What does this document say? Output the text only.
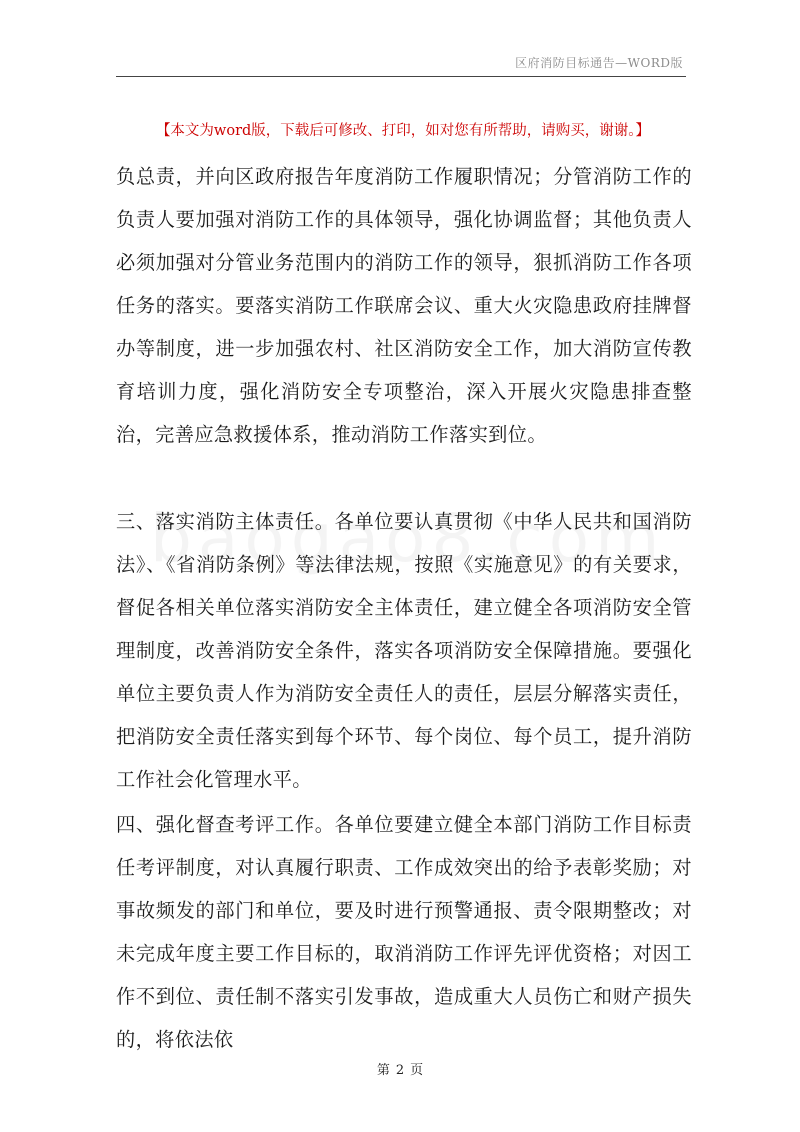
区府消防目标通告—WORD版
【本文为word版，下载后可修改、打印，如对您有所帮助，请购买，谢谢。】

负总责，并向区政府报告年度消防工作履职情况；分管消防工作的负责人要加强对消防工作的具体领导，强化协调监督；其他负责人必须加强对分管业务范围内的消防工作的领导，狠抓消防工作各项任务的落实。要落实消防工作联席会议、重大火灾隐患政府挂牌督办等制度，进一步加强农村、社区消防安全工作，加大消防宣传教育培训力度，强化消防安全专项整治，深入开展火灾隐患排查整治，完善应急救援体系，推动消防工作落实到位。

三、落实消防主体责任。各单位要认真贯彻《中华人民共和国消防法》、《省消防条例》等法律法规，按照《实施意见》的有关要求，督促各相关单位落实消防安全主体责任，建立健全各项消防安全管理制度，改善消防安全条件，落实各项消防安全保障措施。要强化单位主要负责人作为消防安全责任人的责任，层层分解落实责任，把消防安全责任落实到每个环节、每个岗位、每个员工，提升消防工作社会化管理水平。

四、强化督查考评工作。各单位要建立健全本部门消防工作目标责任考评制度，对认真履行职责、工作成效突出的给予表彰奖励；对事故频发的部门和单位，要及时进行预警通报、责令限期整改；对未完成年度主要工作目标的，取消消防工作评先评优资格；对因工作不到位、责任制不落实引发事故，造成重大人员伤亡和财产损失的，将依法依

第 2 页
